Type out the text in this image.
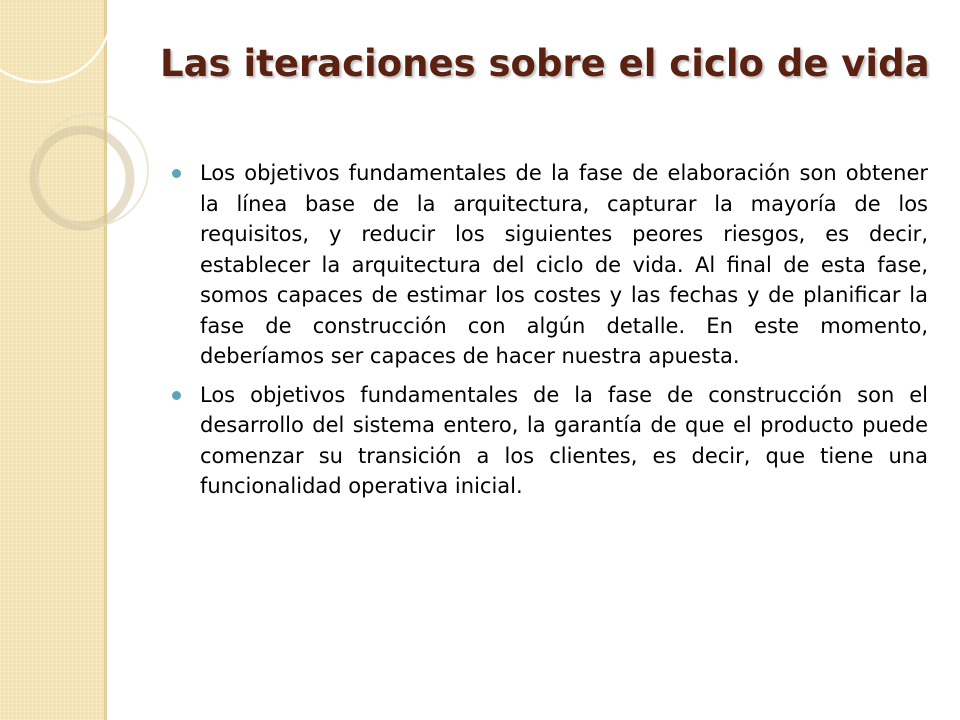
Las iteraciones sobre el ciclo de vida
Los objetivos fundamentales de la fase de elaboración son obtener la línea base de la arquitectura, capturar la mayoría de los requisitos, y reducir los siguientes peores riesgos, es decir, establecer la arquitectura del ciclo de vida. Al final de esta fase, somos capaces de estimar los costes y las fechas y de planificar la fase de construcción con algún detalle. En este momento, deberíamos ser capaces de hacer nuestra apuesta.
Los objetivos fundamentales de la fase de construcción son el desarrollo del sistema entero, la garantía de que el producto puede comenzar su transición a los clientes, es decir, que tiene una funcionalidad operativa inicial.
